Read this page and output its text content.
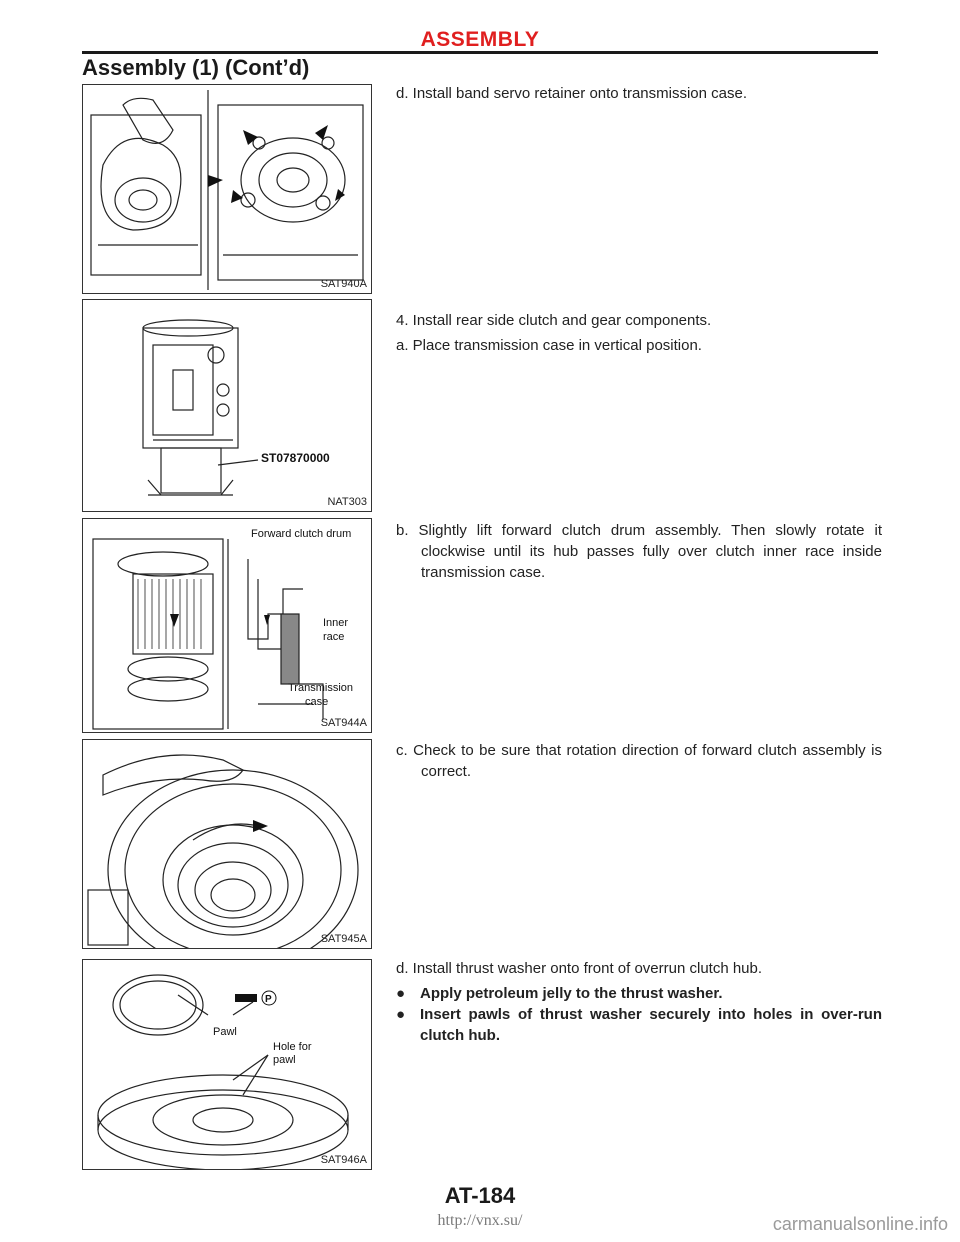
ASSEMBLY
Assembly (1) (Cont’d)
SAT940A
ST07870000
NAT303
Forward clutch drum
Inner
race
Transmission
case
SAT944A
SAT945A
P
Pawl
Hole for
pawl
SAT946A

d. Install band servo retainer onto transmission case.

4. Install rear side clutch and gear components.

a. Place transmission case in vertical position.

b. Slightly lift forward clutch drum assembly. Then slowly rotate it clockwise until its hub passes fully over clutch inner race inside transmission case.

c. Check to be sure that rotation direction of forward clutch assembly is correct.

d. Install thrust washer onto front of overrun clutch hub.

● Apply petroleum jelly to the thrust washer.

● Insert pawls of thrust washer securely into holes in over-run clutch hub.

AT-184
http://vnx.su/	carmanualsonline.info
